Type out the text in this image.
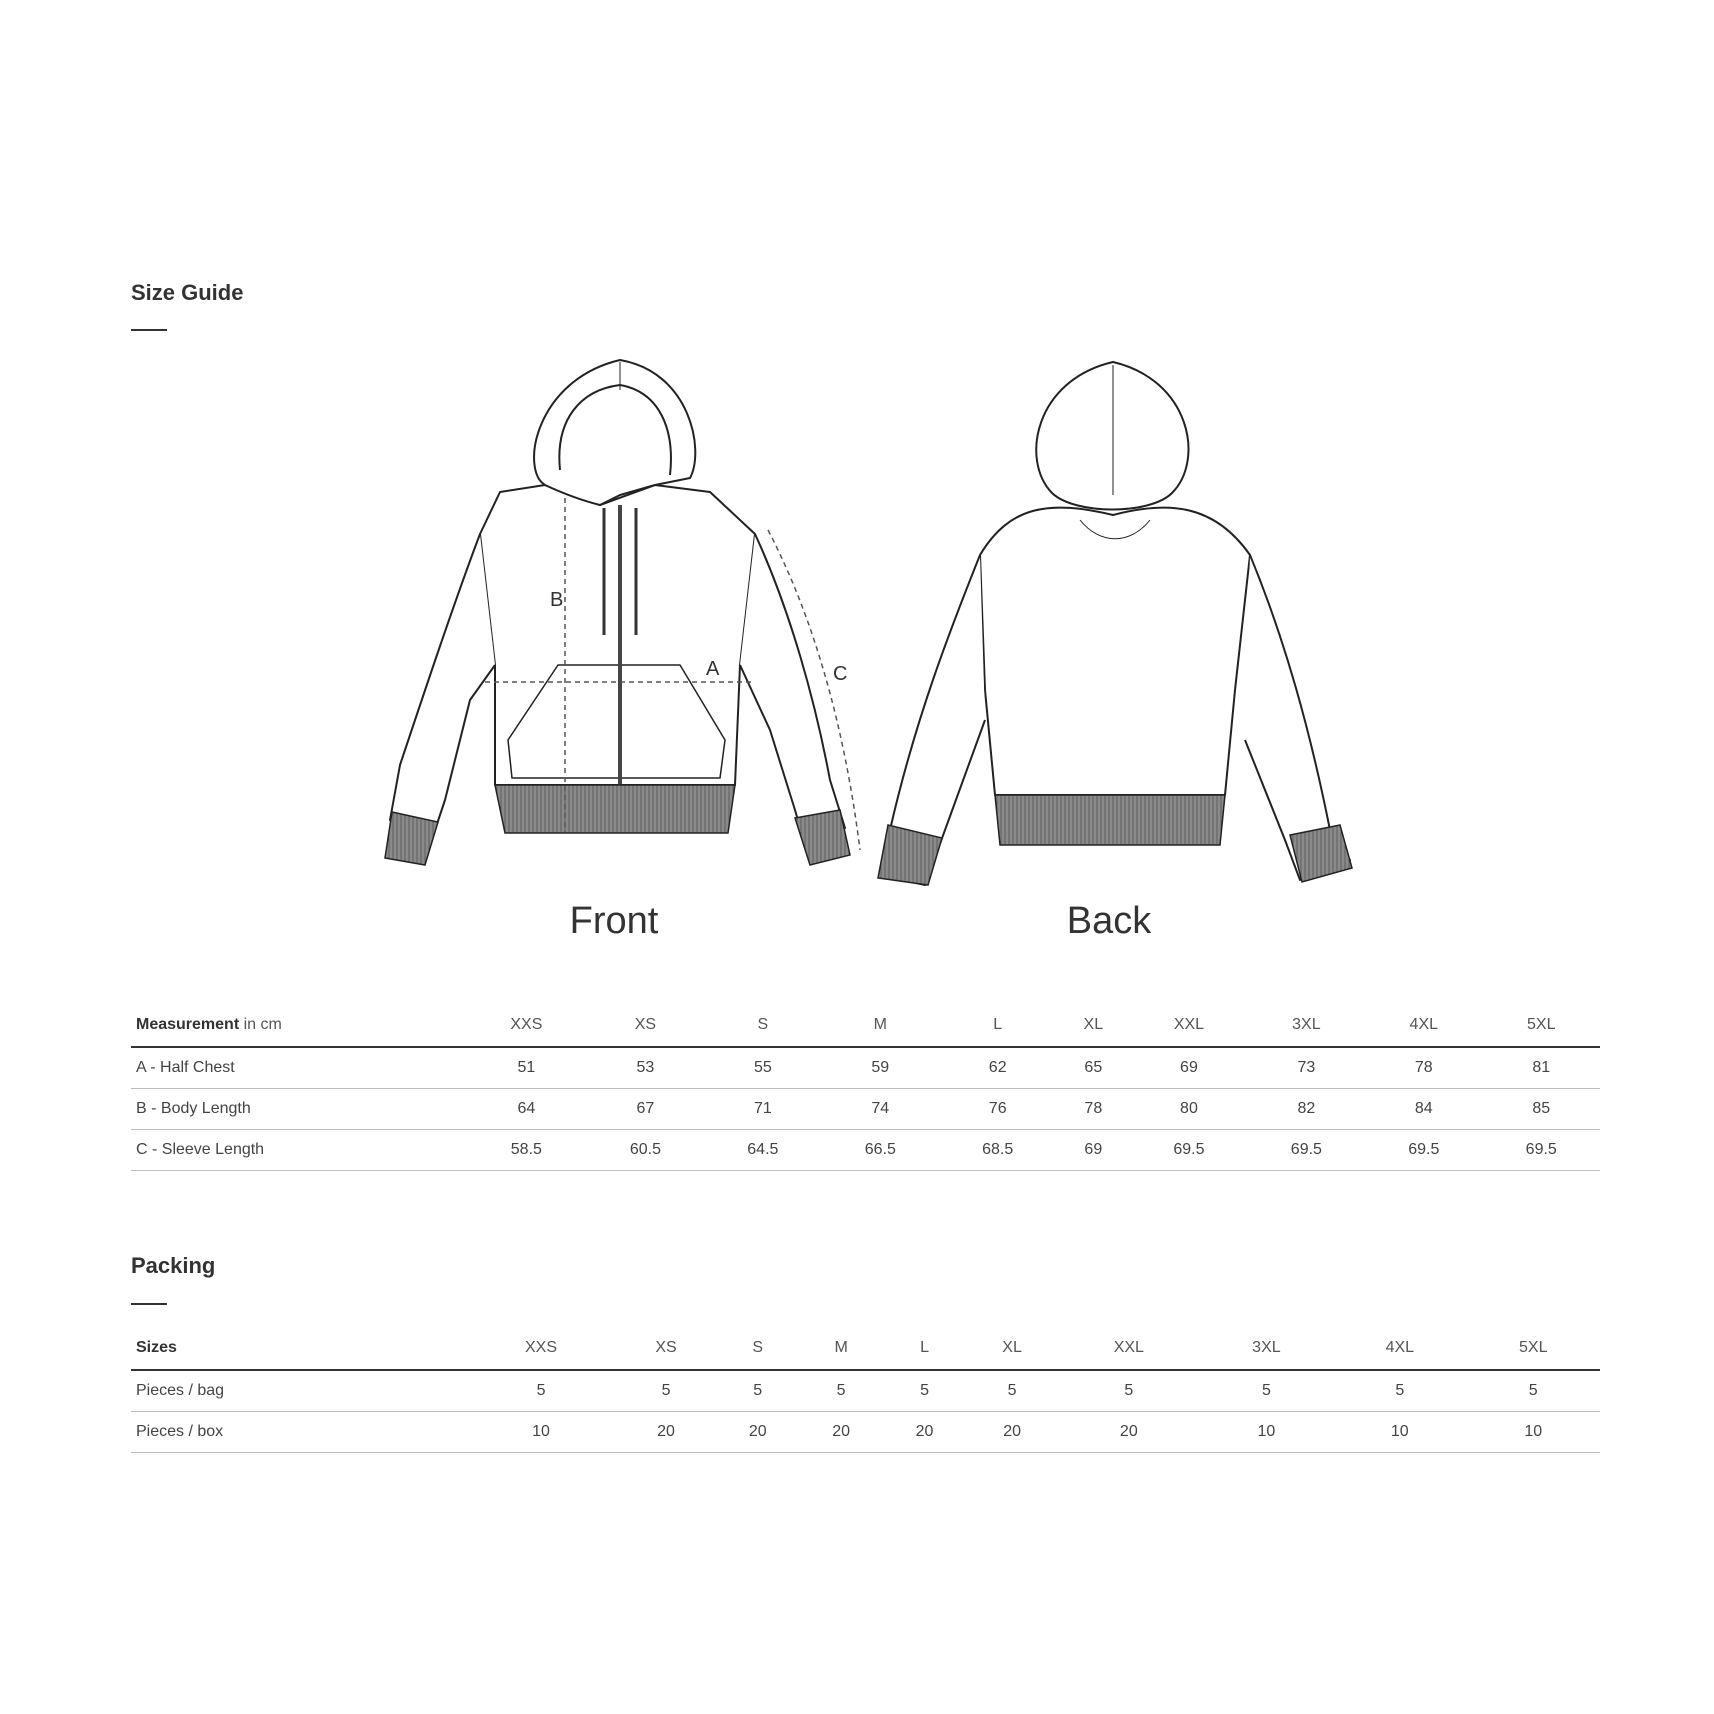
Size Guide
B
A	C
Front	Back
Measurement in cm	XXS	XS	S	M	L	XL	XXL	3XL	4XL	5XL
A - Half Chest	51	53	55	59	62	65	69	73	78	81
B - Body Length	64	67	71	74	76	78	80	82	84	85
C - Sleeve Length	58.5	60.5	64.5	66.5	68.5	69	69.5	69.5	69.5	69.5
Packing
Sizes	XXS	XS	S	M	L	XL	XXL	3XL	4XL	5XL
Pieces / bag	5	5	5	5	5	5	5	5	5	5
Pieces / box	10	20	20	20	20	20	20	10	10	10
